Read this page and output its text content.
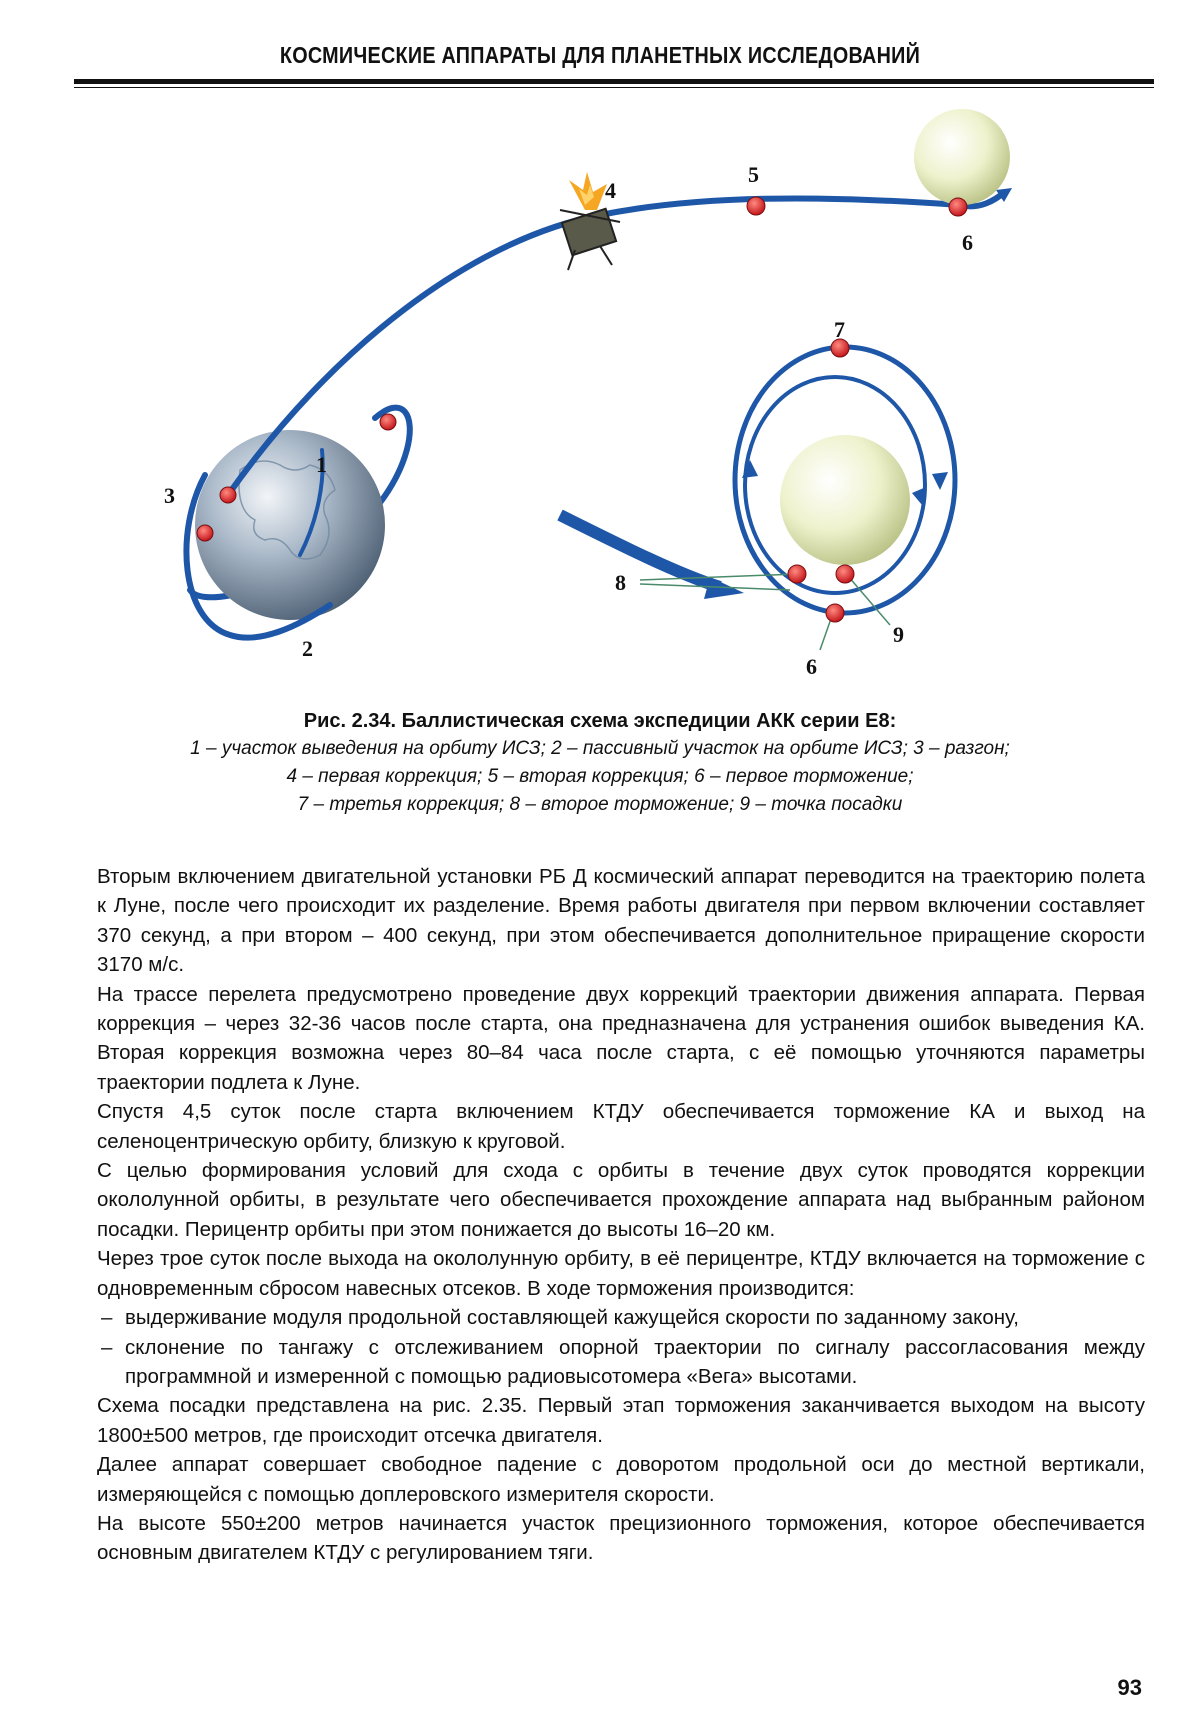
КОСМИЧЕСКИЕ АППАРАТЫ ДЛЯ ПЛАНЕТНЫХ ИССЛЕДОВАНИЙ
1
2
3
4
5
6
7
8
9
6
Рис. 2.34. Баллистическая схема экспедиции АКК серии Е8:
1 – участок выведения на орбиту ИСЗ; 2 – пассивный участок на орбите ИСЗ; 3 – разгон;
4 – первая коррекция; 5 – вторая коррекция; 6 – первое торможение;
7 – третья коррекция; 8 – второе торможение; 9 – точка посадки

Вторым включением двигательной установки РБ Д космический аппарат переводится на траекторию полета к Луне, после чего происходит их разделение. Время работы двигателя при первом включении составляет 370 секунд, а при втором – 400 секунд, при этом обеспечивается дополнительное приращение скорости 3170 м/с.

На трассе перелета предусмотрено проведение двух коррекций траектории движения аппарата. Первая коррекция – через 32-36 часов после старта, она предназначена для устранения ошибок выведения КА. Вторая коррекция возможна через 80–84 часа после старта, с её помощью уточняются параметры траектории подлета к Луне.

Спустя 4,5 суток после старта включением КТДУ обеспечивается торможение КА и выход на селеноцентрическую орбиту, близкую к круговой.

С целью формирования условий для схода с орбиты в течение двух суток проводятся коррекции окололунной орбиты, в результате чего обеспечивается прохождение аппарата над выбранным районом посадки. Перицентр орбиты при этом понижается до высоты 16–20 км.

Через трое суток после выхода на окололунную орбиту, в её перицентре, КТДУ включается на торможение с одновременным сбросом навесных отсеков. В ходе торможения производится:

– выдерживание модуля продольной составляющей кажущейся скорости по заданному закону,
– склонение по тангажу с отслеживанием опорной траектории по сигналу рассогласования между программной и измеренной с помощью радиовысотомера «Вега» высотами.

Схема посадки представлена на рис. 2.35. Первый этап торможения заканчивается выходом на высоту 1800±500 метров, где происходит отсечка двигателя.

Далее аппарат совершает свободное падение с доворотом продольной оси до местной вертикали, измеряющейся с помощью доплеровского измерителя скорости.

На высоте 550±200 метров начинается участок прецизионного торможения, которое обеспечивается основным двигателем КТДУ с регулированием тяги.

93
